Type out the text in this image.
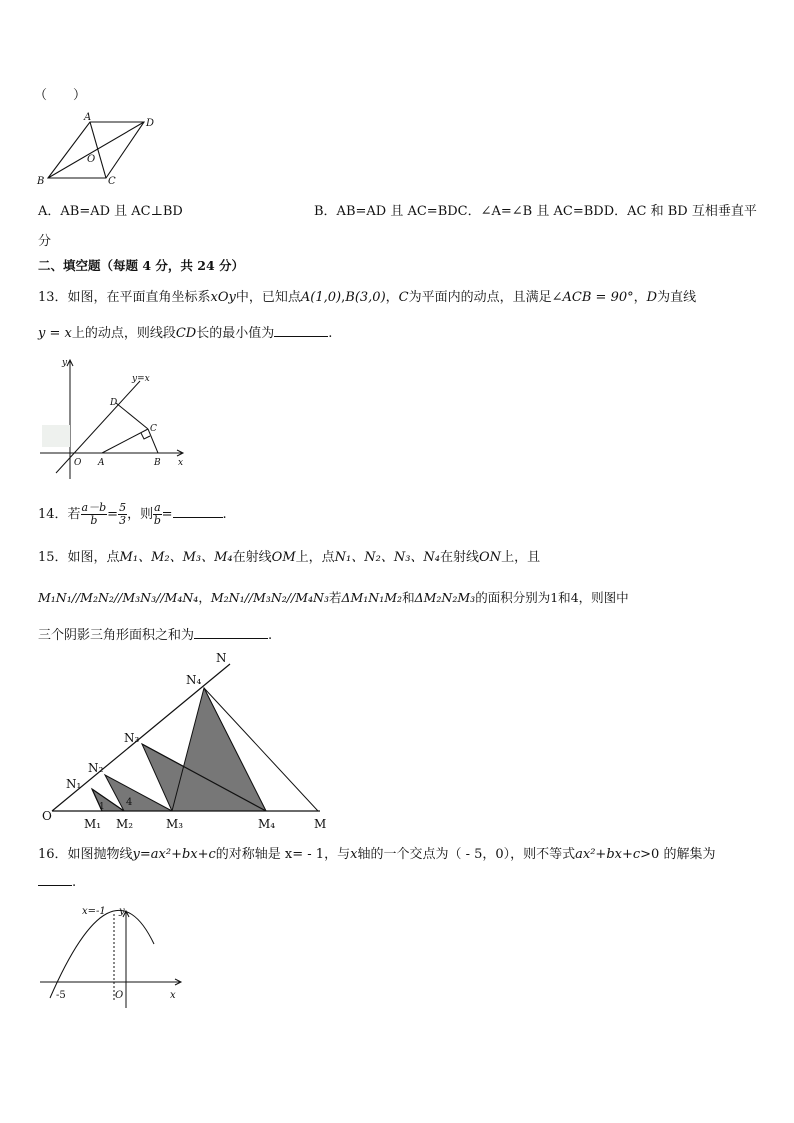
（　　）
A
D
O
B	C
A．AB=AD 且 AC⊥BD	B．AB=AD 且 AC=BDC．∠A=∠B 且 AC=BDD．AC 和 BD 互相垂直平
分
二、填空题（每题 4 分，共 24 分）
13．如图，在平面直角坐标系xOy中，已知点A(1,0),B(3,0)，C为平面内的动点，且满足∠ACB = 90°，D为直线
y = x上的动点，则线段CD长的最小值为	.
y
y=x
D
C
O A	B x
14．若 $\frac{a-b}{b} = \frac{5}{3}$ ，则 $\frac{a}{b}$ =	.
15．如图，点M₁、M₂、M₃、M₄在射线OM上，点N₁、N₂、N₃、N₄在射线ON上，且
M₁N₁//M₂N₂//M₃N₃//M₄N₄，M₂N₁//M₃N₂//M₄N₃若ΔM₁N₁M₂和ΔM₂N₂M₃的面积分别为1和4，则图中
三个阴影三角形面积之和为	.
N
N₄
N₃
N₂
N₁
1 4
O
M₁ M₂	M₃	M₄	M
16．如图抛物线y=ax²+bx+c的对称轴是 x= - 1，与x轴的一个交点为（ - 5，0），则不等式ax²+bx+c>0 的解集为
.
x=-1 y
-5	O	x
